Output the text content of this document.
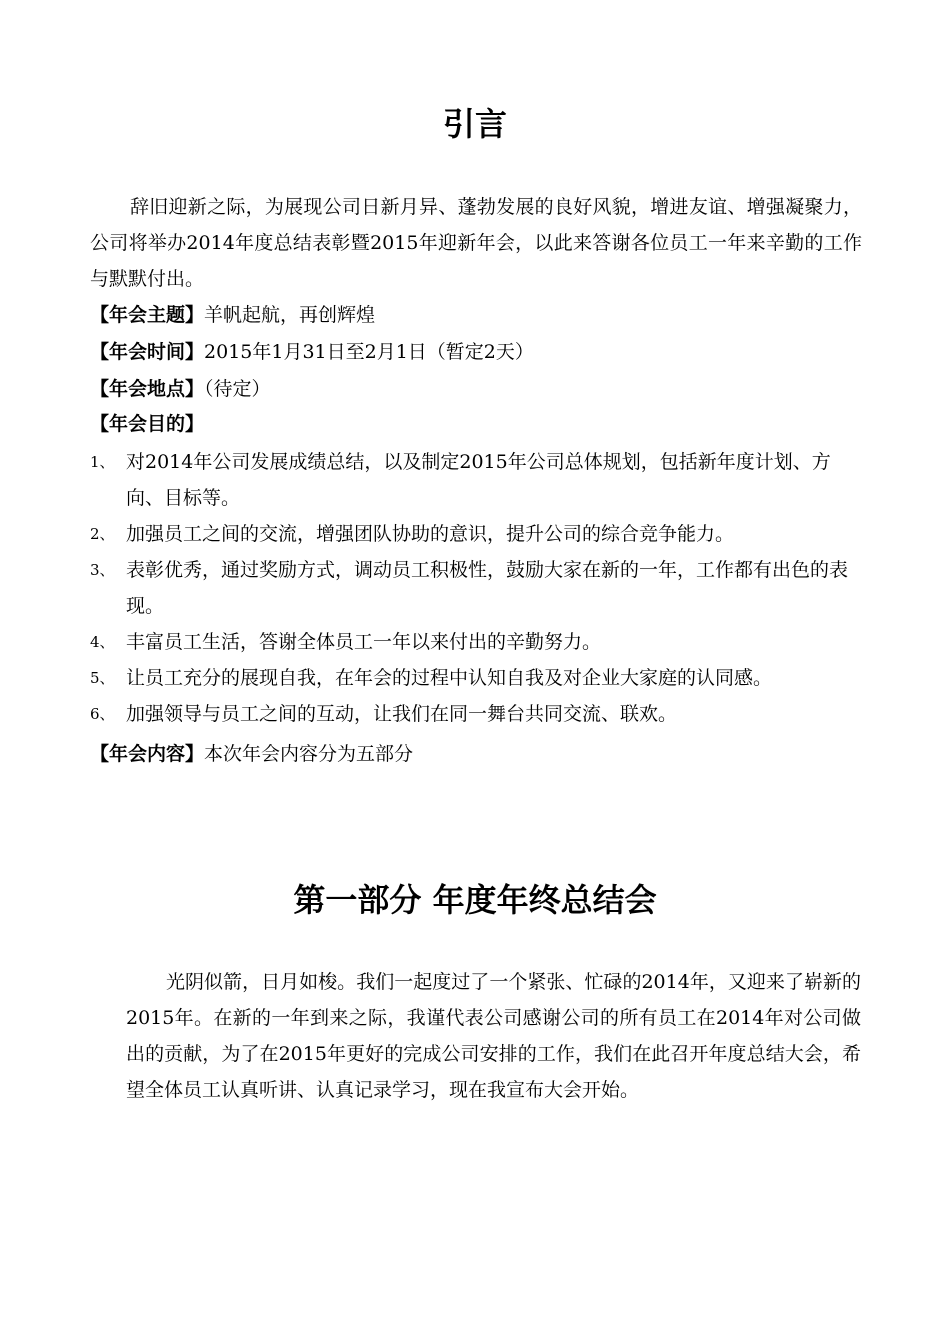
引言

辞旧迎新之际，为展现公司日新月异、蓬勃发展的良好风貌，增进友谊、增强凝聚力，公司将举办2014年度总结表彰暨2015年迎新年会，以此来答谢各位员工一年来辛勤的工作与默默付出。

【年会主题】羊帆起航，再创辉煌
【年会时间】2015年1月31日至2月1日（暂定2天）
【年会地点】（待定）
【年会目的】
1、 对2014年公司发展成绩总结，以及制定2015年公司总体规划，包括新年度计划、方向、目标等。
2、 加强员工之间的交流，增强团队协助的意识，提升公司的综合竞争能力。
3、 表彰优秀，通过奖励方式，调动员工积极性，鼓励大家在新的一年，工作都有出色的表现。
4、 丰富员工生活，答谢全体员工一年以来付出的辛勤努力。
5、 让员工充分的展现自我，在年会的过程中认知自我及对企业大家庭的认同感。
6、 加强领导与员工之间的互动，让我们在同一舞台共同交流、联欢。
【年会内容】本次年会内容分为五部分
第一部分 年度年终总结会

光阴似箭，日月如梭。我们一起度过了一个紧张、忙碌的2014年，又迎来了崭新的2015年。在新的一年到来之际，我谨代表公司感谢公司的所有员工在2014年对公司做出的贡献，为了在2015年更好的完成公司安排的工作，我们在此召开年度总结大会，希望全体员工认真听讲、认真记录学习，现在我宣布大会开始。
